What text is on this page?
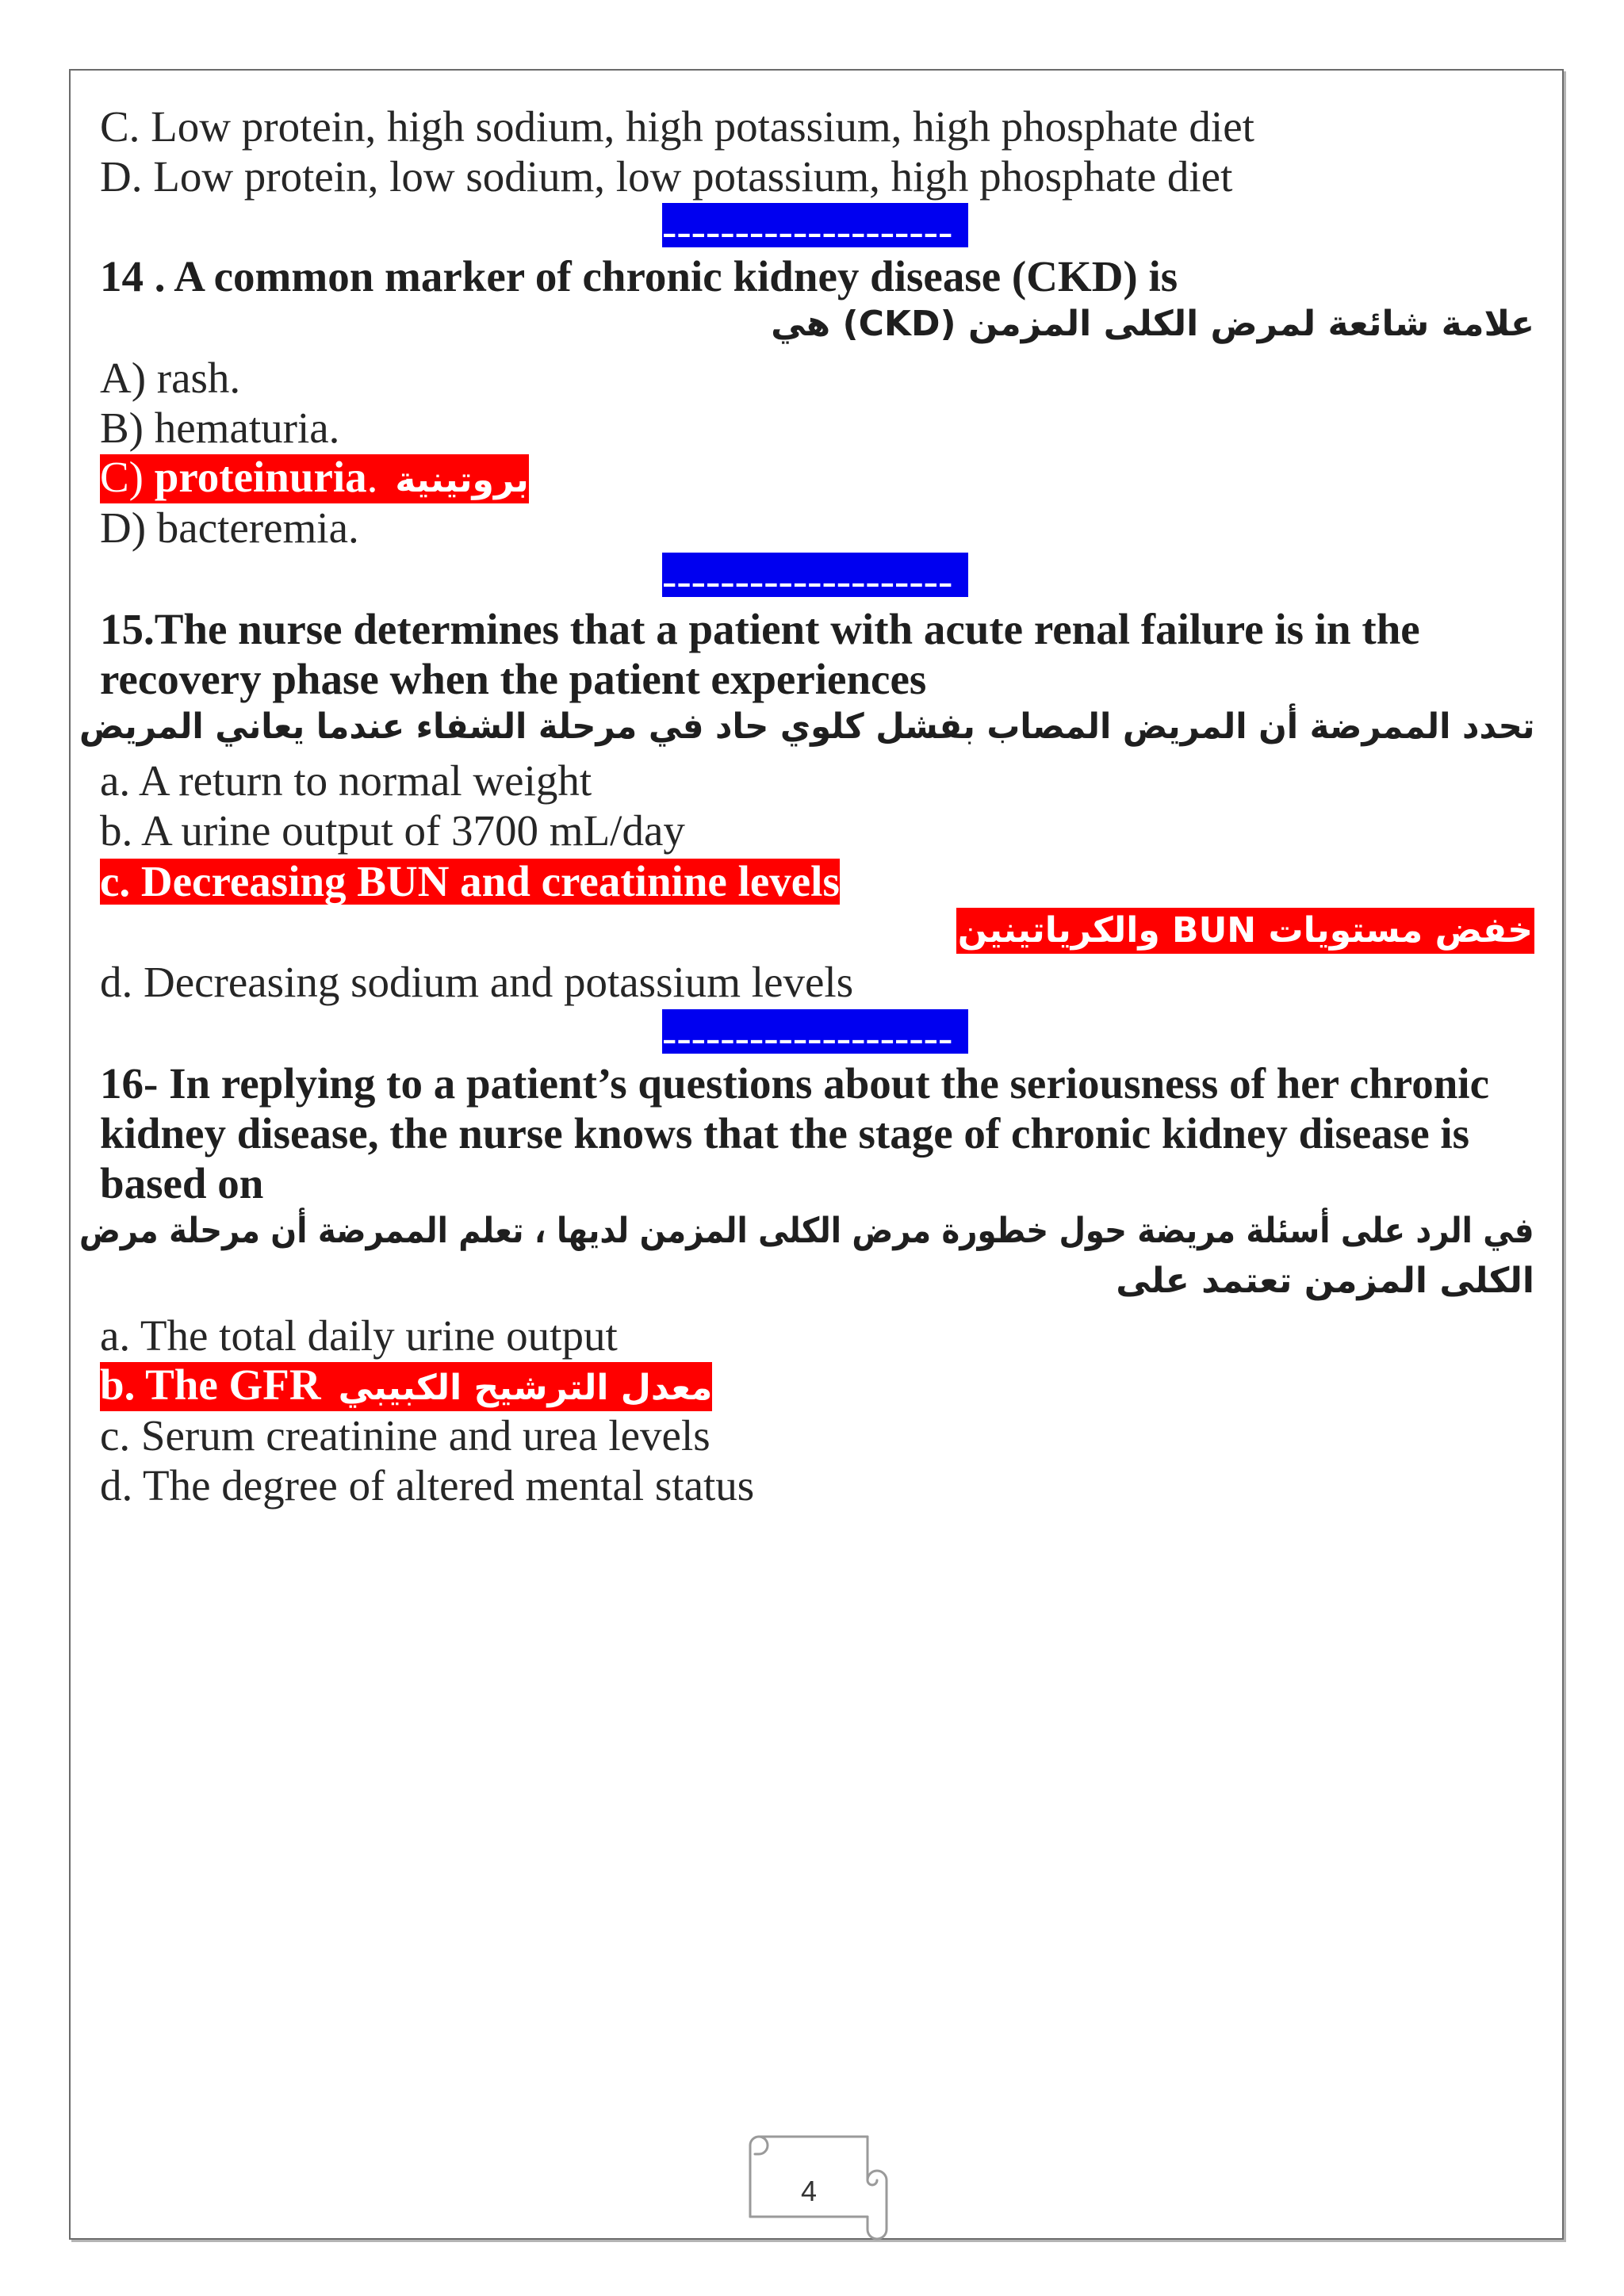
C. Low protein, high sodium, high potassium, high phosphate diet
D. Low protein, low sodium, low potassium, high phosphate diet
--------------------
14 . A common marker of chronic kidney disease (CKD) is
علامة شائعة لمرض الكلى المزمن (CKD) هي
A) rash.
B) hematuria.
C) proteinuria. بروتينية
D) bacteremia.
--------------------
15.The nurse determines that a patient with acute renal failure is in the
recovery phase when the patient experiences
تحدد الممرضة أن المريض المصاب بفشل كلوي حاد في مرحلة الشفاء عندما يعاني المريض
a. A return to normal weight
b. A urine output of 3700 mL/day
c. Decreasing BUN and creatinine levels
خفض مستويات BUN والكرياتينين
d. Decreasing sodium and potassium levels
--------------------
16- In replying to a patient’s questions about the seriousness of her chronic
kidney disease, the nurse knows that the stage of chronic kidney disease is
based on
في الرد على أسئلة مريضة حول خطورة مرض الكلى المزمن لديها ، تعلم الممرضة أن مرحلة مرض
الكلى المزمن تعتمد على
a. The total daily urine output
b. The GFR معدل الترشيح الكبيبي
c. Serum creatinine and urea levels
d. The degree of altered mental status
4
